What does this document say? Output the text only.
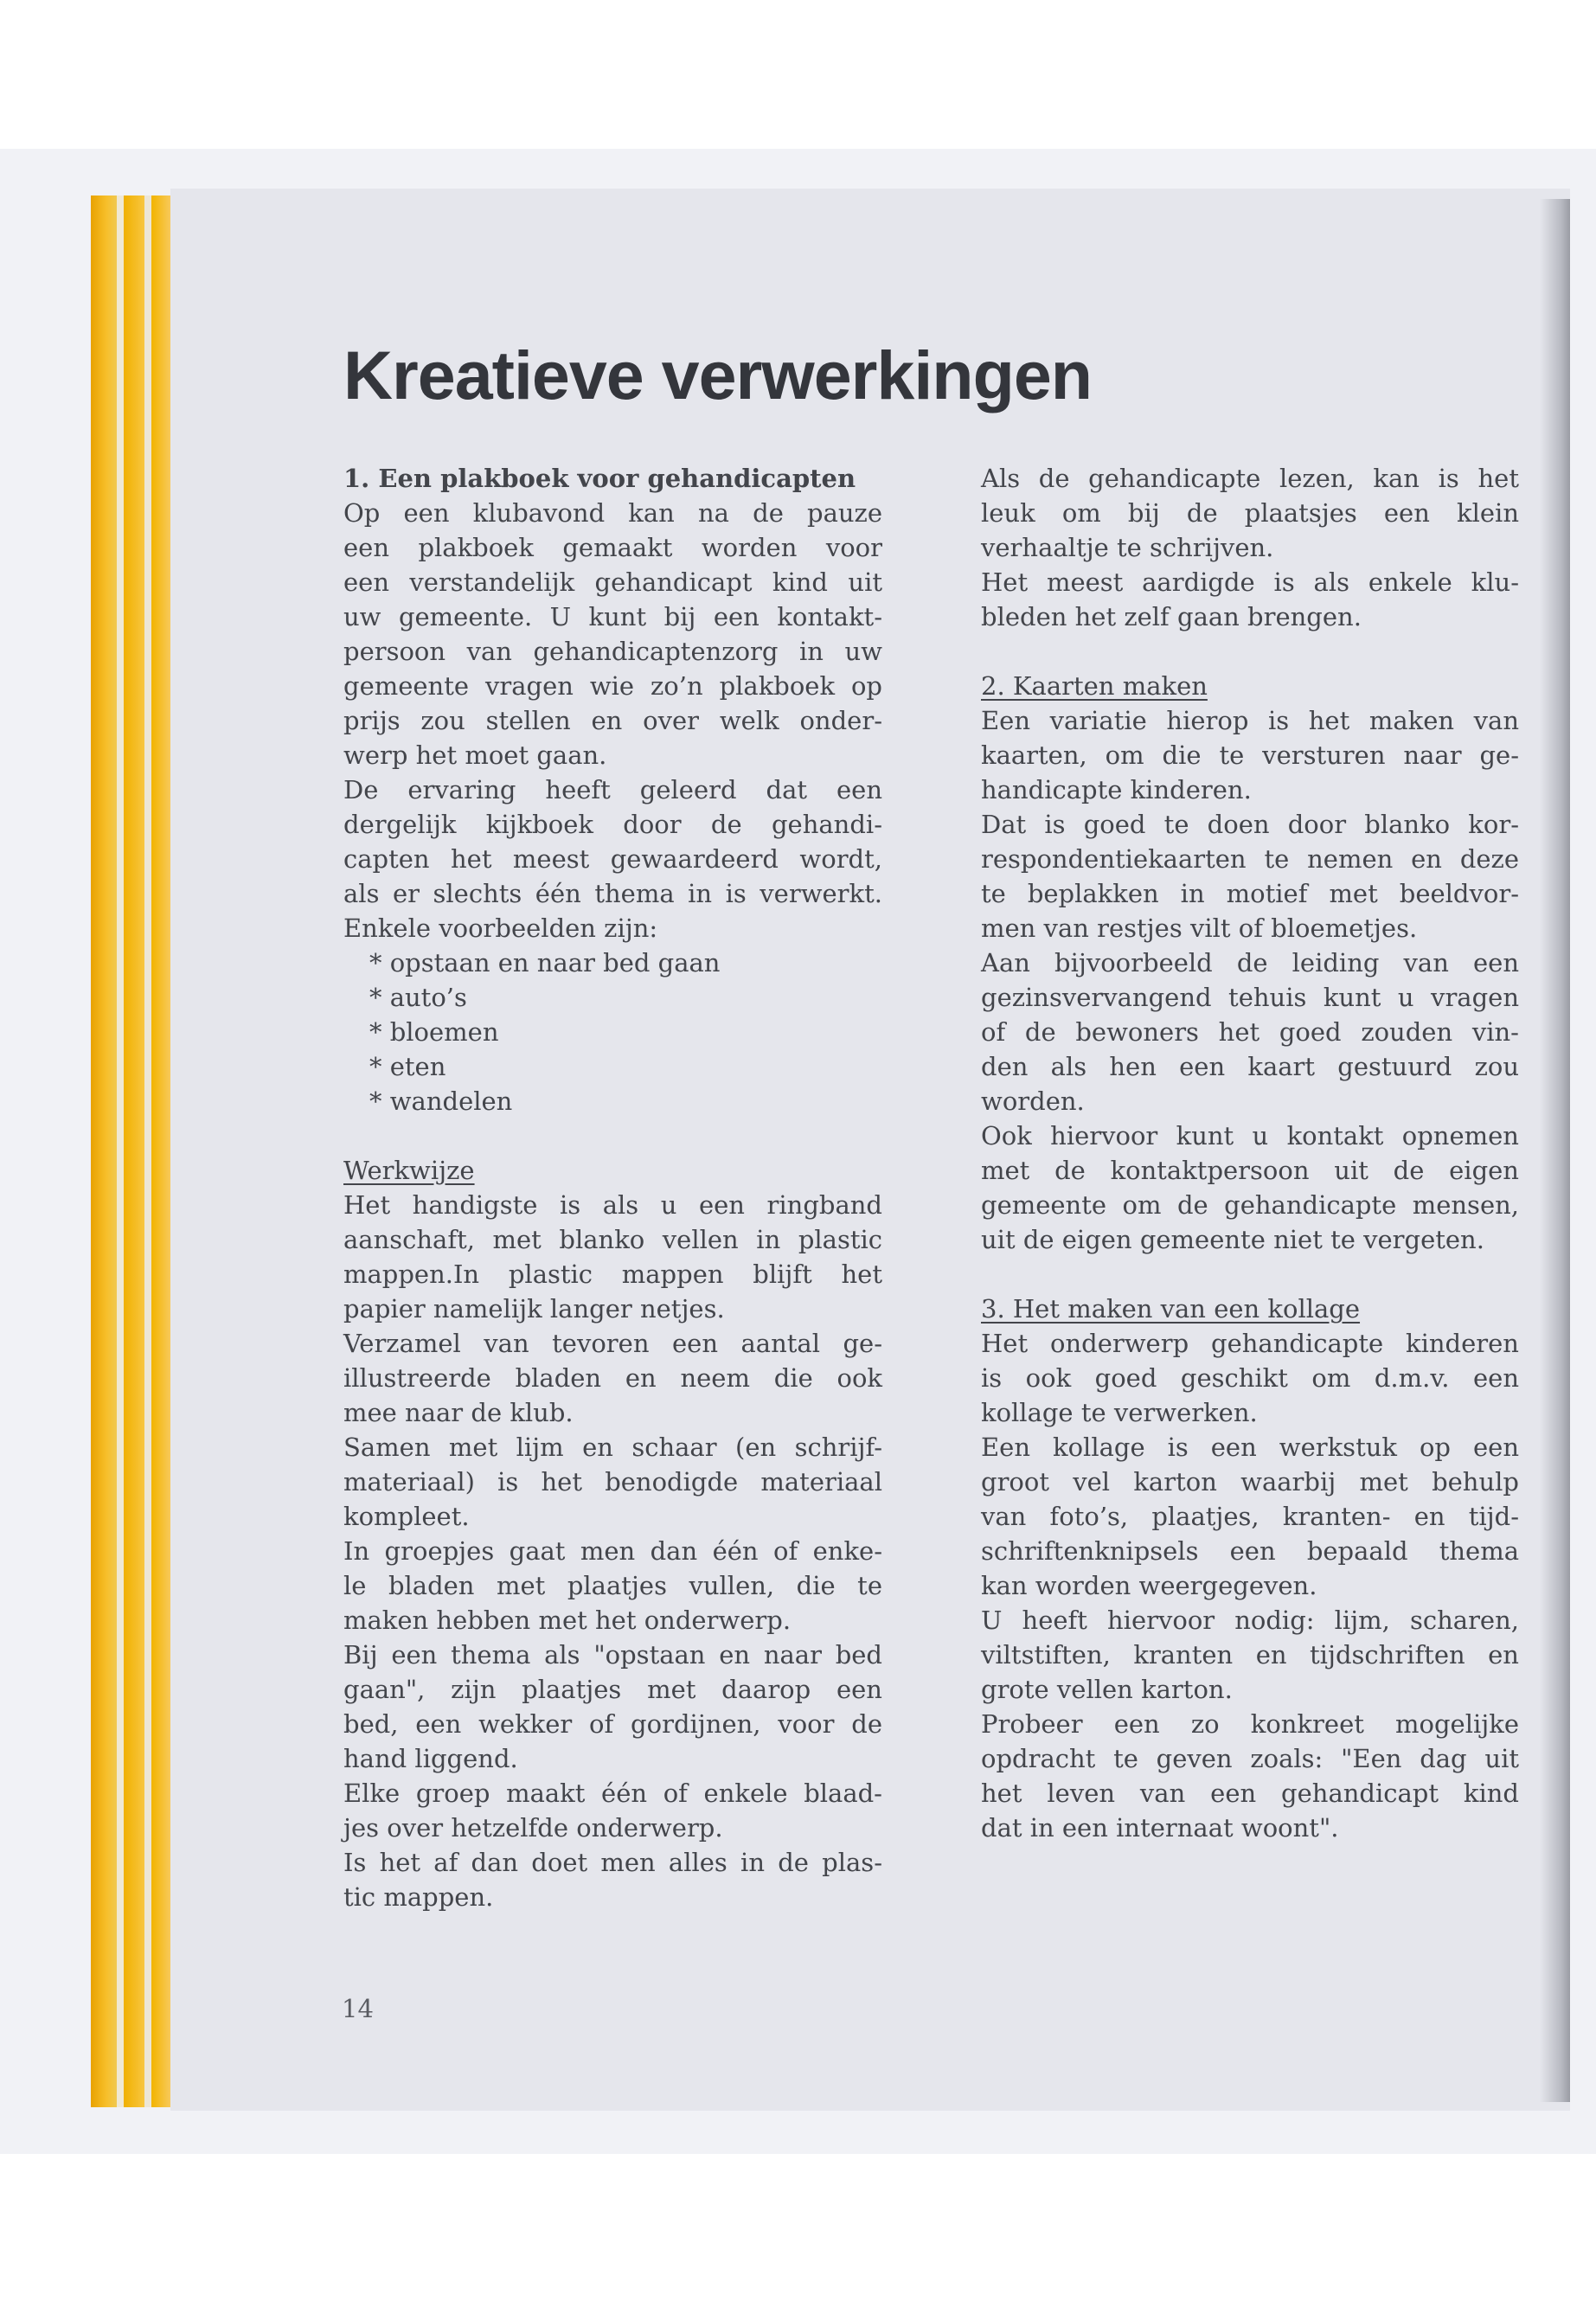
Kreatieve verwerkingen
1. Een plakboek voor gehandicapten
Op een klubavond kan na de pauze
een plakboek gemaakt worden voor
een verstandelijk gehandicapt kind uit
uw gemeente. U kunt bij een kontakt-
persoon van gehandicaptenzorg in uw
gemeente vragen wie zo’n plakboek op
prijs zou stellen en over welk onder-
werp het moet gaan.
De ervaring heeft geleerd dat een
dergelijk kijkboek door de gehandi-
capten het meest gewaardeerd wordt,
als er slechts één thema in is verwerkt.
Enkele voorbeelden zijn:
* opstaan en naar bed gaan
* auto’s
* bloemen
* eten
* wandelen
Werkwijze
Het handigste is als u een ringband
aanschaft, met blanko vellen in plastic
mappen.In plastic mappen blijft het
papier namelijk langer netjes.
Verzamel van tevoren een aantal ge-
illustreerde bladen en neem die ook
mee naar de klub.
Samen met lijm en schaar (en schrijf-
materiaal) is het benodigde materiaal
kompleet.
In groepjes gaat men dan één of enke-
le bladen met plaatjes vullen, die te
maken hebben met het onderwerp.
Bij een thema als "opstaan en naar bed
gaan", zijn plaatjes met daarop een
bed, een wekker of gordijnen, voor de
hand liggend.
Elke groep maakt één of enkele blaad-
jes over hetzelfde onderwerp.
Is het af dan doet men alles in de plas-
tic mappen.
Als de gehandicapte lezen, kan is het
leuk om bij de plaatsjes een klein
verhaaltje te schrijven.
Het meest aardigde is als enkele klu-
bleden het zelf gaan brengen.
2. Kaarten maken
Een variatie hierop is het maken van
kaarten, om die te versturen naar ge-
handicapte kinderen.
Dat is goed te doen door blanko kor-
respondentiekaarten te nemen en deze
te beplakken in motief met beeldvor-
men van restjes vilt of bloemetjes.
Aan bijvoorbeeld de leiding van een
gezinsvervangend tehuis kunt u vragen
of de bewoners het goed zouden vin-
den als hen een kaart gestuurd zou
worden.
Ook hiervoor kunt u kontakt opnemen
met de kontaktpersoon uit de eigen
gemeente om de gehandicapte mensen,
uit de eigen gemeente niet te vergeten.
3. Het maken van een kollage
Het onderwerp gehandicapte kinderen
is ook goed geschikt om d.m.v. een
kollage te verwerken.
Een kollage is een werkstuk op een
groot vel karton waarbij met behulp
van foto’s, plaatjes, kranten- en tijd-
schriftenknipsels een bepaald thema
kan worden weergegeven.
U heeft hiervoor nodig: lijm, scharen,
viltstiften, kranten en tijdschriften en
grote vellen karton.
Probeer een zo konkreet mogelijke
opdracht te geven zoals: "Een dag uit
het leven van een gehandicapt kind
dat in een internaat woont".
14
